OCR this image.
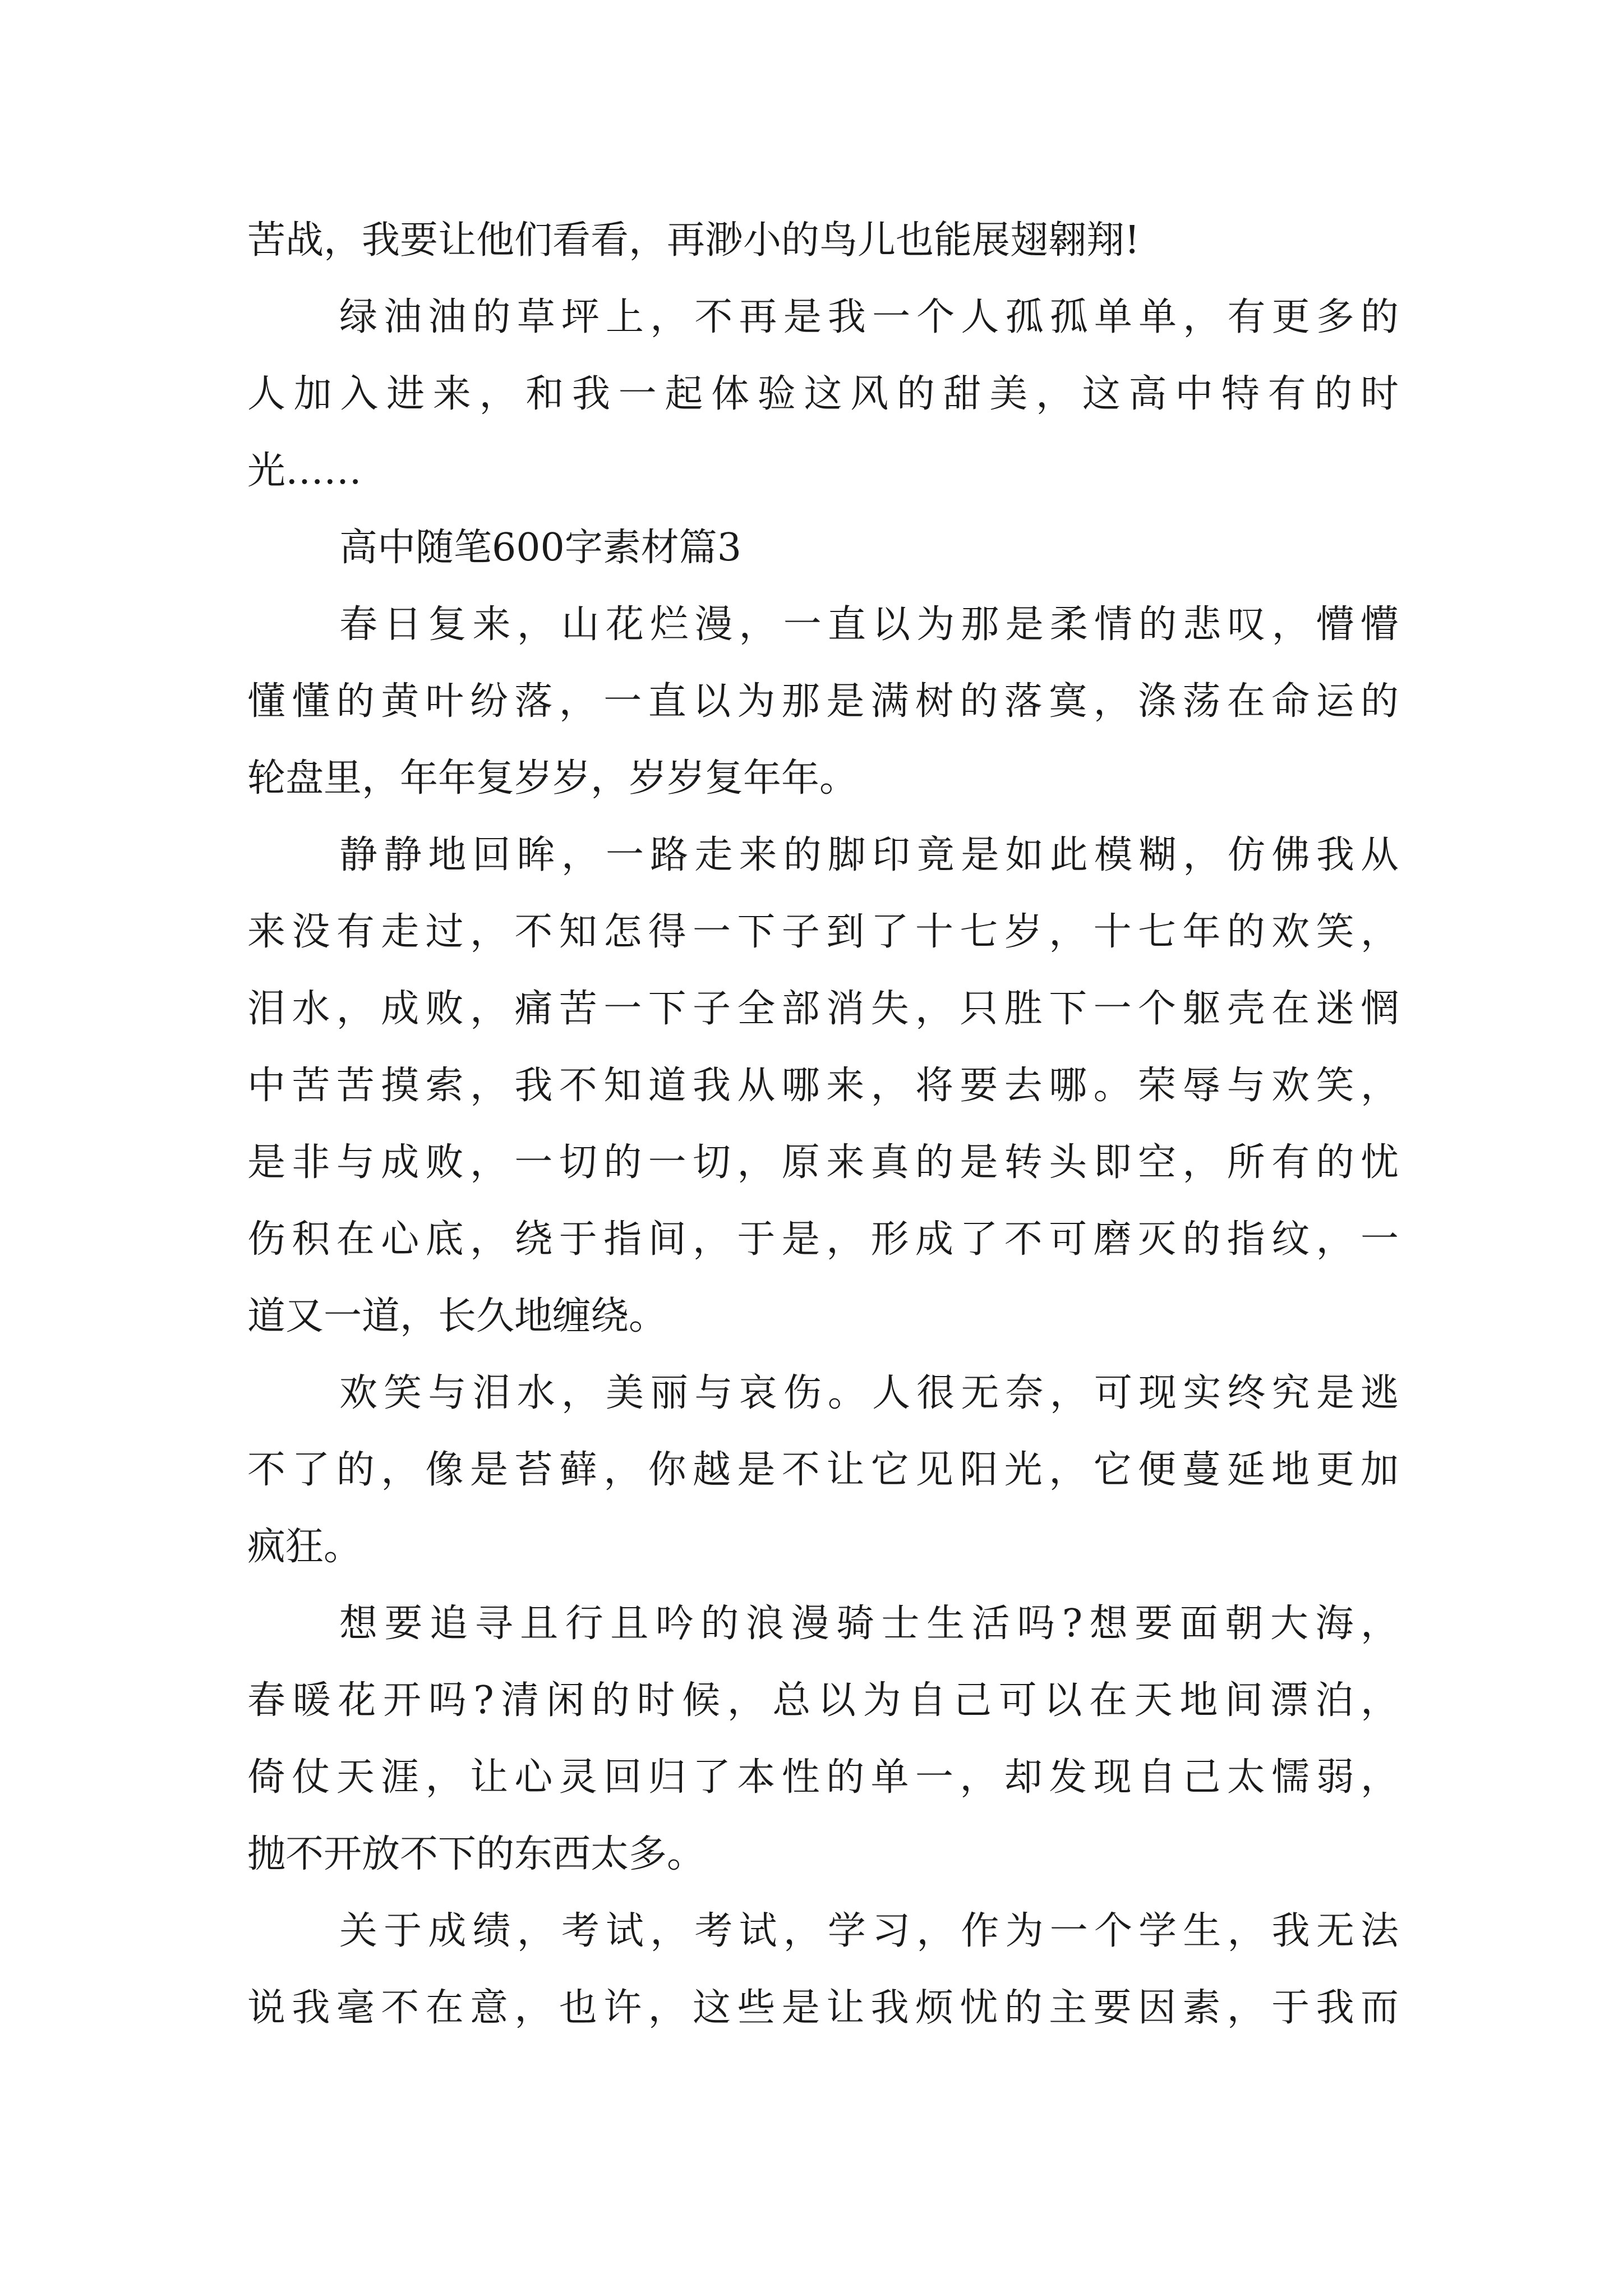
苦战，我要让他们看看，再渺小的鸟儿也能展翅翱翔!
绿油油的草坪上，不再是我一个人孤孤单单，有更多的
人加入进来，和我一起体验这风的甜美，这高中特有的时
光……
高中随笔600字素材篇3
春日复来，山花烂漫，一直以为那是柔情的悲叹，懵懵
懂懂的黄叶纷落，一直以为那是满树的落寞，涤荡在命运的
轮盘里，年年复岁岁，岁岁复年年。
静静地回眸，一路走来的脚印竟是如此模糊，仿佛我从
来没有走过，不知怎得一下子到了十七岁，十七年的欢笑，
泪水，成败，痛苦一下子全部消失，只胜下一个躯壳在迷惘
中苦苦摸索，我不知道我从哪来，将要去哪。荣辱与欢笑，
是非与成败，一切的一切，原来真的是转头即空，所有的忧
伤积在心底，绕于指间，于是，形成了不可磨灭的指纹，一
道又一道，长久地缠绕。
欢笑与泪水，美丽与哀伤。人很无奈，可现实终究是逃
不了的，像是苔藓，你越是不让它见阳光，它便蔓延地更加
疯狂。
想要追寻且行且吟的浪漫骑士生活吗?想要面朝大海，
春暖花开吗?清闲的时候，总以为自己可以在天地间漂泊，
倚仗天涯，让心灵回归了本性的单一，却发现自己太懦弱，
抛不开放不下的东西太多。
关于成绩，考试，考试，学习，作为一个学生，我无法
说我毫不在意，也许，这些是让我烦忧的主要因素，于我而
